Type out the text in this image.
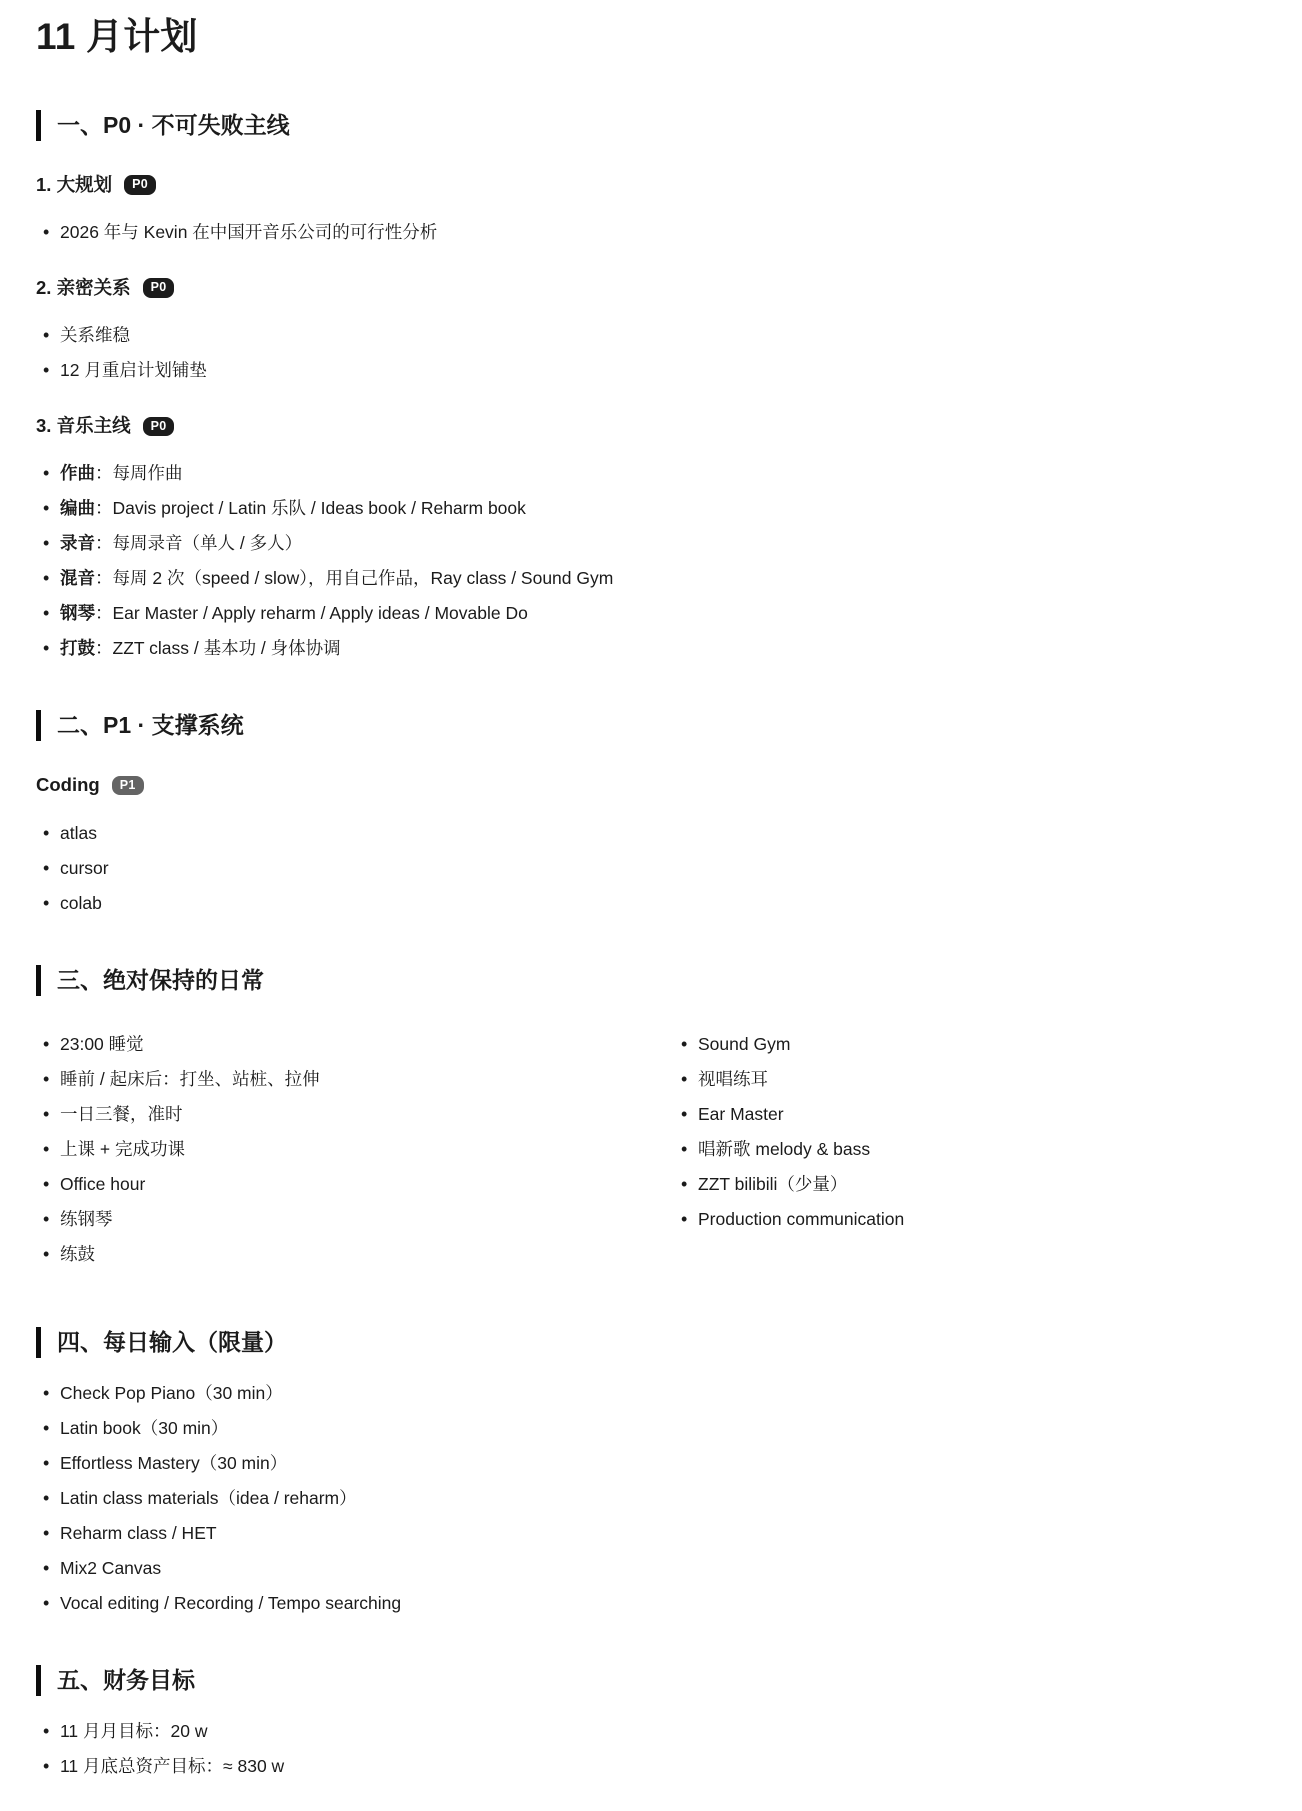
11 月计划
一、P0 · 不可失败主线
1. 大规划	P0
• 2026 年与 Kevin 在中国开音乐公司的可行性分析
2. 亲密关系	P0
• 关系维稳
• 12 月重启计划铺垫
3. 音乐主线	P0
• 作曲：每周作曲
• 编曲：Davis project / Latin 乐队 / Ideas book / Reharm book
• 录音：每周录音（单人 / 多人）
• 混音：每周 2 次（speed / slow），用自己作品，Ray class / Sound Gym
• 钢琴：Ear Master / Apply reharm / Apply ideas / Movable Do
• 打鼓：ZZT class / 基本功 / 身体协调
二、P1 · 支撑系统
Coding	P1
• atlas
• cursor
• colab
三、绝对保持的日常
• 23:00 睡觉
• 睡前 / 起床后：打坐、站桩、拉伸
• 一日三餐，准时
• 上课 + 完成功课
• Office hour
• 练钢琴
• 练鼓
• Sound Gym
• 视唱练耳
• Ear Master
• 唱新歌 melody & bass
• ZZT bilibili（少量）
• Production communication
四、每日输入（限量）
• Check Pop Piano（30 min）
• Latin book（30 min）
• Effortless Mastery（30 min）
• Latin class materials（idea / reharm）
• Reharm class / HET
• Mix2 Canvas
• Vocal editing / Recording / Tempo searching
五、财务目标
• 11 月月目标：20 w
• 11 月底总资产目标：≈ 830 w
